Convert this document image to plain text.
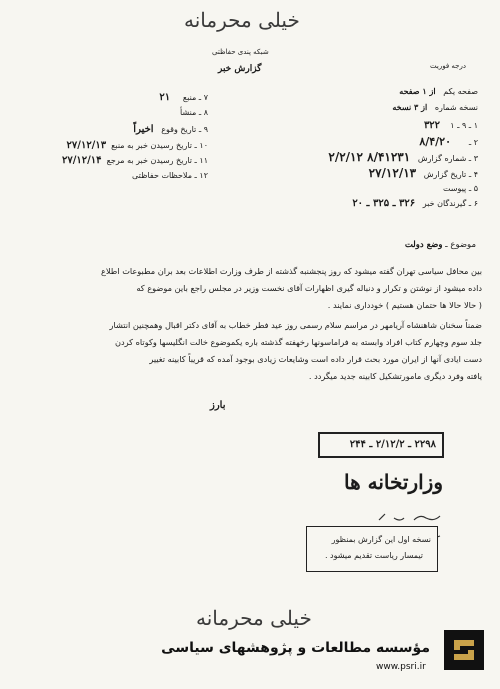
خیلی محرمانه
شبکه پندی حفاظتی
گزارش خبر	درجه فوریت
صفحه یکم   از ۱ صفحه
نسخه شماره   از ۳ نسخه
۱ ـ ۹ ـ ۱    ۳۲۲
۲ ـ       ۸/۴/۲۰
۳ ـ شماره گزارش   ۸/۴۱۲۳۱ ۲/۲/۱۲
۴ ـ تاریخ گزارش   ۲۷/۱۲/۱۳
۵ ـ پیوست
۶ ـ گیرندگان خبر   ۳۲۶ ـ ۳۲۵ ـ ۲۰
۷ ـ منبع     ۲۱
۸ ـ منشأ
۹ ـ تاریخ وقوع   اخیراً
۱۰ ـ تاریخ رسیدن خبر به منبع  ۲۷/۱۲/۱۳
۱۱ ـ تاریخ رسیدن خبر به مرجع  ۲۷/۱۲/۱۴
۱۲ ـ ملاحظات حفاظتی
موضوع ـ وضع دولت
بین محافل سیاسی تهران گفته میشود که روز پنجشنبه گذشته از طرف وزارت اطلاعات بعد بران مطبوعات اطلاع
داده میشود از نوشتن و تکرار و دنباله گیری اظهارات آقای نخست وزیر در مجلس راجع باین موضوع که
( حالا حالا ها حتمان هستیم ) خودداری نمایند .
ضمناً سخنان شاهنشاه آریامهر در مراسم سلام رسمی روز عید فطر خطاب به آقای دکتر اقبال وهمچنین انتشار
جلد سوم وچهارم کتاب افراد وابسته به فراماسونها رخهفته گذشته باره یکموضوع خالت انگلیسها وکوتاه کردن
دست ایادی آنها از ایران مورد بحث قرار داده است وشایعات زیادی بوجود آمده که قریباً کابینه تغییر
یافته وفرد دیگری مامورتشکیل کابینه جدید میگردد .
بارز
۲۲۹۸ ـ ۲/۱۲/۲ ـ ۲۴۴
وزارتخانه ها
نسخه اول این گزارش بمنظور
تیمسار ریاست تقدیم میشود .
خیلی محرمانه
مؤسسه مطالعات و پژوهشهای سیاسی
www.psri.ir
